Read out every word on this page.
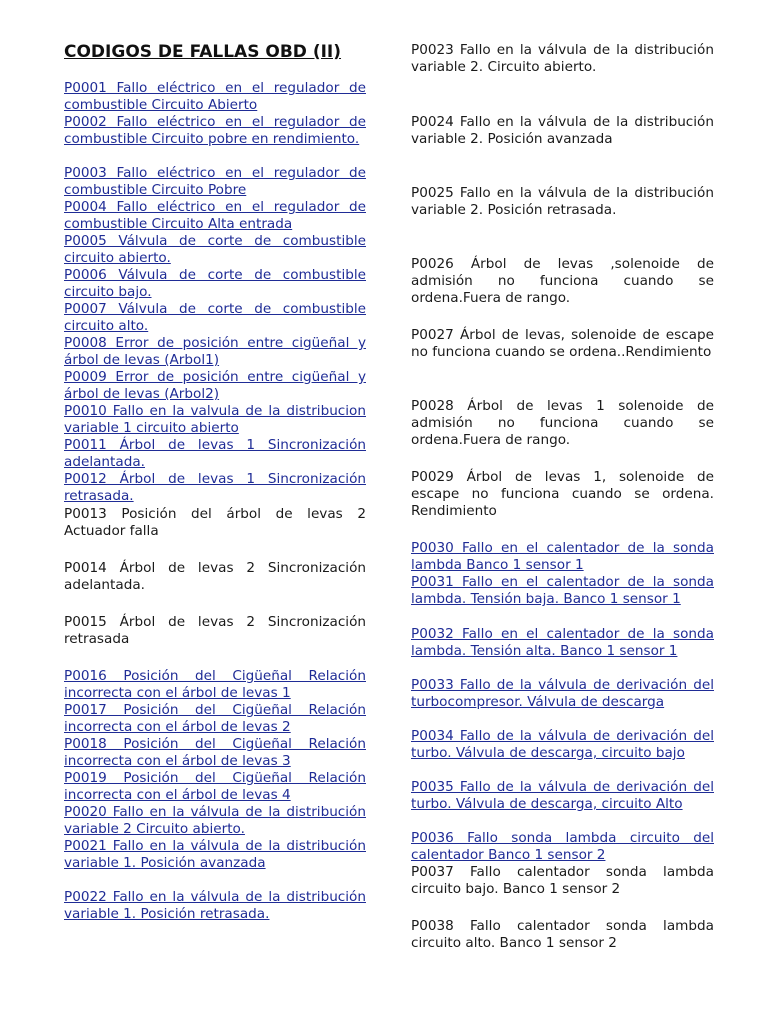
CODIGOS DE FALLAS OBD (II)
P0001 Fallo eléctrico en el regulador de combustible Circuito Abierto
P0002 Fallo eléctrico en el regulador de combustible Circuito pobre en rendimiento.
P0003 Fallo eléctrico en el regulador de combustible Circuito Pobre
P0004 Fallo eléctrico en el regulador de combustible Circuito Alta entrada
P0005 Válvula de corte de combustible circuito abierto.
P0006 Válvula de corte de combustible circuito bajo.
P0007 Válvula de corte de combustible circuito alto.
P0008 Error de posición entre cigüeñal y árbol de levas (Arbol1)
P0009 Error de posición entre cigüeñal y árbol de levas (Arbol2)
P0010 Fallo en la valvula de la distribucion variable 1 circuito abierto
P0011 Árbol de levas 1 Sincronización adelantada.
P0012 Árbol de levas 1 Sincronización retrasada.

P0013 Posición del árbol de levas 2 Actuador falla

P0014 Árbol de levas 2 Sincronización adelantada.

P0015 Árbol de levas 2 Sincronización retrasada

P0016 Posición del Cigüeñal Relación incorrecta con el árbol de levas 1
P0017 Posición del Cigüeñal Relación incorrecta con el árbol de levas 2
P0018 Posición del Cigüeñal Relación incorrecta con el árbol de levas 3
P0019 Posición del Cigüeñal Relación incorrecta con el árbol de levas 4
P0020 Fallo en la válvula de la distribución variable 2 Circuito abierto.
P0021 Fallo en la válvula de la distribución variable 1. Posición avanzada
P0022 Fallo en la válvula de la distribución variable 1. Posición retrasada.

P0023 Fallo en la válvula de la distribución variable 2. Circuito abierto.

P0024 Fallo en la válvula de la distribución variable 2. Posición avanzada

P0025 Fallo en la válvula de la distribución variable 2. Posición retrasada.

P0026 Árbol de levas ,solenoide de admisión no funciona cuando se ordena.Fuera de rango.

P0027 Árbol de levas, solenoide de escape no funciona cuando se ordena..Rendimiento

P0028 Árbol de levas 1 solenoide de admisión no funciona cuando se ordena.Fuera de rango.

P0029 Árbol de levas 1, solenoide de escape no funciona cuando se ordena. Rendimiento

P0030 Fallo en el calentador de la sonda lambda Banco 1 sensor 1
P0031 Fallo en el calentador de la sonda lambda. Tensión baja. Banco 1 sensor 1
P0032 Fallo en el calentador de la sonda lambda. Tensión alta. Banco 1 sensor 1
P0033 Fallo de la válvula de derivación del turbocompresor. Válvula de descarga
P0034 Fallo de la válvula de derivación del turbo. Válvula de descarga, circuito bajo
P0035 Fallo de la válvula de derivación del turbo. Válvula de descarga, circuito Alto
P0036 Fallo sonda lambda circuito del calentador Banco 1 sensor 2

P0037 Fallo calentador sonda lambda circuito bajo. Banco 1 sensor 2

P0038 Fallo calentador sonda lambda circuito alto. Banco 1 sensor 2
